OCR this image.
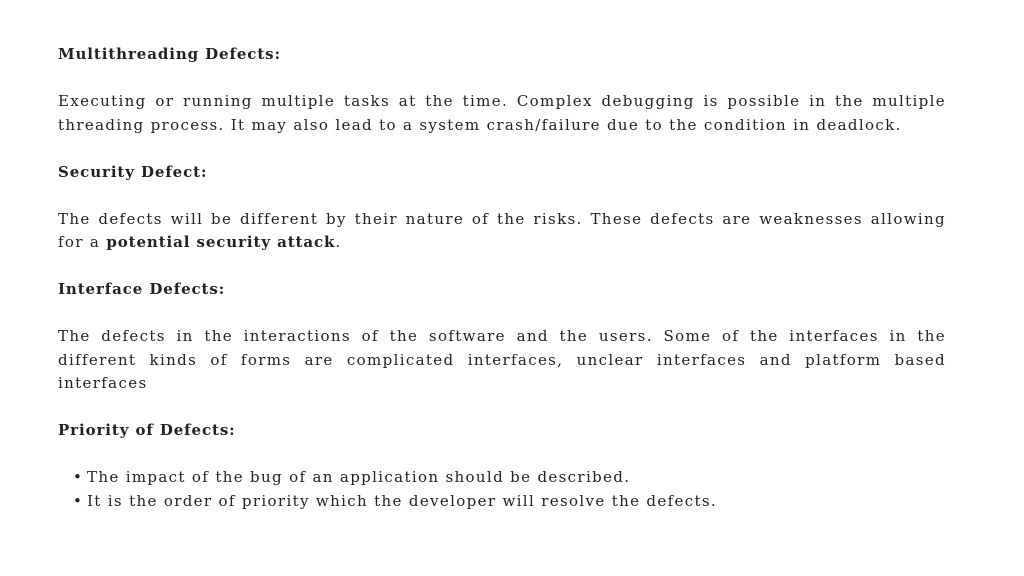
Multithreading Defects:

Executing or running multiple tasks at the time. Complex debugging is possible in the multiple threading process. It may also lead to a system crash/failure due to the condition in deadlock.

Security Defect:

The defects will be different by their nature of the risks. These defects are weaknesses allowing for a potential security attack.

Interface Defects:

The defects in the interactions of the software and the users. Some of the interfaces in the different kinds of forms are complicated interfaces, unclear interfaces and platform based interfaces

Priority of Defects:

• The impact of the bug of an application should be described.
• It is the order of priority which the developer will resolve the defects.
